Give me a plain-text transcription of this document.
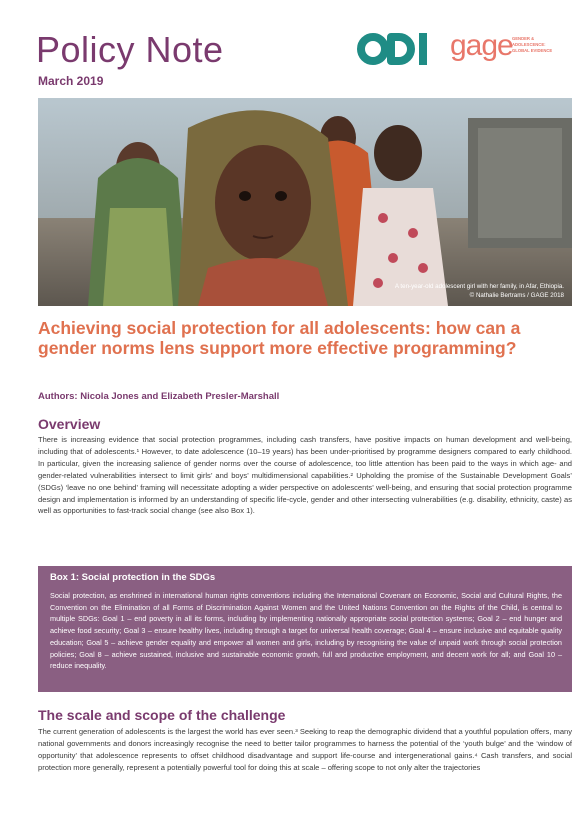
Policy Note
March 2019
gage GENDER & ADOLESCENCE: GLOBAL EVIDENCE
A ten-year-old adolescent girl with her family, in Afar, Ethiopia.
© Nathalie Bertrams / GAGE 2018
Achieving social protection for all adolescents: how can a gender norms lens support more effective programming?
Authors: Nicola Jones and Elizabeth Presler-Marshall
Overview
There is increasing evidence that social protection programmes, including cash transfers, have positive impacts on human development and well-being, including that of adolescents.¹ However, to date adolescence (10–19 years) has been under-prioritised by programme designers compared to early childhood. In particular, given the increasing salience of gender norms over the course of adolescence, too little attention has been paid to the ways in which age- and gender-related vulnerabilities intersect to limit girls’ and boys’ multidimensional capabilities.² Upholding the promise of the Sustainable Development Goals’ (SDGs) ‘leave no one behind’ framing will necessitate adopting a wider perspective on adolescents’ well-being, and ensuring that social protection programme design and implementation is informed by an understanding of specific life-cycle, gender and other intersecting vulnerabilities (e.g. disability, ethnicity, caste) as well as opportunities to fast-track social change (see also Box 1).
Box 1: Social protection in the SDGs
Social protection, as enshrined in international human rights conventions including the International Covenant on Economic, Social and Cultural Rights, the Convention on the Elimination of all Forms of Discrimination Against Women and the United Nations Convention on the Rights of the Child, is central to multiple SDGs: Goal 1 – end poverty in all its forms, including by implementing nationally appropriate social protection systems; Goal 2 – end hunger and achieve food security; Goal 3 – ensure healthy lives, including through a target for universal health coverage; Goal 4 – ensure inclusive and equitable quality education; Goal 5 – achieve gender equality and empower all women and girls, including by recognising the value of unpaid work through social protection policies; Goal 8 – achieve sustained, inclusive and sustainable economic growth, full and productive employment, and decent work for all; and Goal 10 – reduce inequality.
The scale and scope of the challenge
The current generation of adolescents is the largest the world has ever seen.³ Seeking to reap the demographic dividend that a youthful population offers, many national governments and donors increasingly recognise the need to better tailor programmes to harness the potential of the ‘youth bulge’ and the ‘window of opportunity’ that adolescence represents to offset childhood disadvantage and support life-course and intergenerational gains.⁴ Cash transfers, and social protection more generally, represent a potentially powerful tool for doing this at scale – offering scope to not only alter the trajectories
